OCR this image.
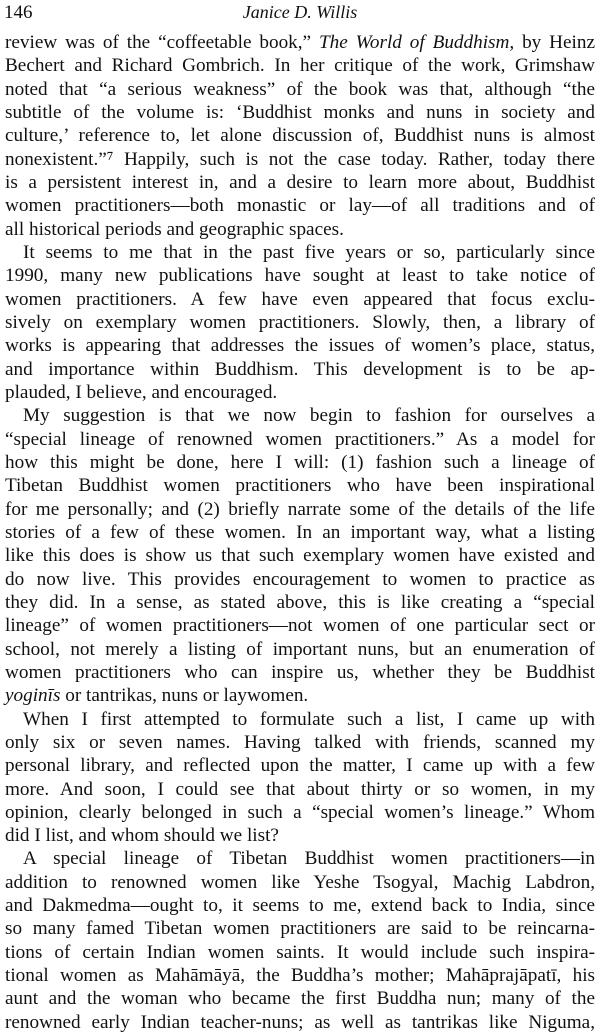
146	Janice D. Willis
review was of the “coffeetable book,” The World of Buddhism, by Heinz
Bechert and Richard Gombrich. In her critique of the work, Grimshaw
noted that “a serious weakness” of the book was that, although “the
subtitle of the volume is: ‘Buddhist monks and nuns in society and
culture,’ reference to, let alone discussion of, Buddhist nuns is almost
nonexistent.”⁷ Happily, such is not the case today. Rather, today there
is a persistent interest in, and a desire to learn more about, Buddhist
women practitioners—both monastic or lay—of all traditions and of
all historical periods and geographic spaces.
It seems to me that in the past five years or so, particularly since
1990, many new publications have sought at least to take notice of
women practitioners. A few have even appeared that focus exclu-
sively on exemplary women practitioners. Slowly, then, a library of
works is appearing that addresses the issues of women’s place, status,
and importance within Buddhism. This development is to be ap-
plauded, I believe, and encouraged.
My suggestion is that we now begin to fashion for ourselves a
“special lineage of renowned women practitioners.” As a model for
how this might be done, here I will: (1) fashion such a lineage of
Tibetan Buddhist women practitioners who have been inspirational
for me personally; and (2) briefly narrate some of the details of the life
stories of a few of these women. In an important way, what a listing
like this does is show us that such exemplary women have existed and
do now live. This provides encouragement to women to practice as
they did. In a sense, as stated above, this is like creating a “special
lineage” of women practitioners—not women of one particular sect or
school, not merely a listing of important nuns, but an enumeration of
women practitioners who can inspire us, whether they be Buddhist
yoginīs or tantrikas, nuns or laywomen.
When I first attempted to formulate such a list, I came up with
only six or seven names. Having talked with friends, scanned my
personal library, and reflected upon the matter, I came up with a few
more. And soon, I could see that about thirty or so women, in my
opinion, clearly belonged in such a “special women’s lineage.” Whom
did I list, and whom should we list?
A special lineage of Tibetan Buddhist women practitioners—in
addition to renowned women like Yeshe Tsogyal, Machig Labdron,
and Dakmedma—ought to, it seems to me, extend back to India, since
so many famed Tibetan women practitioners are said to be reincarna-
tions of certain Indian women saints. It would include such inspira-
tional women as Mahāmāyā, the Buddha’s mother; Mahāprajāpatī, his
aunt and the woman who became the first Buddha nun; many of the
renowned early Indian teacher-nuns; as well as tantrikas like Niguma,
